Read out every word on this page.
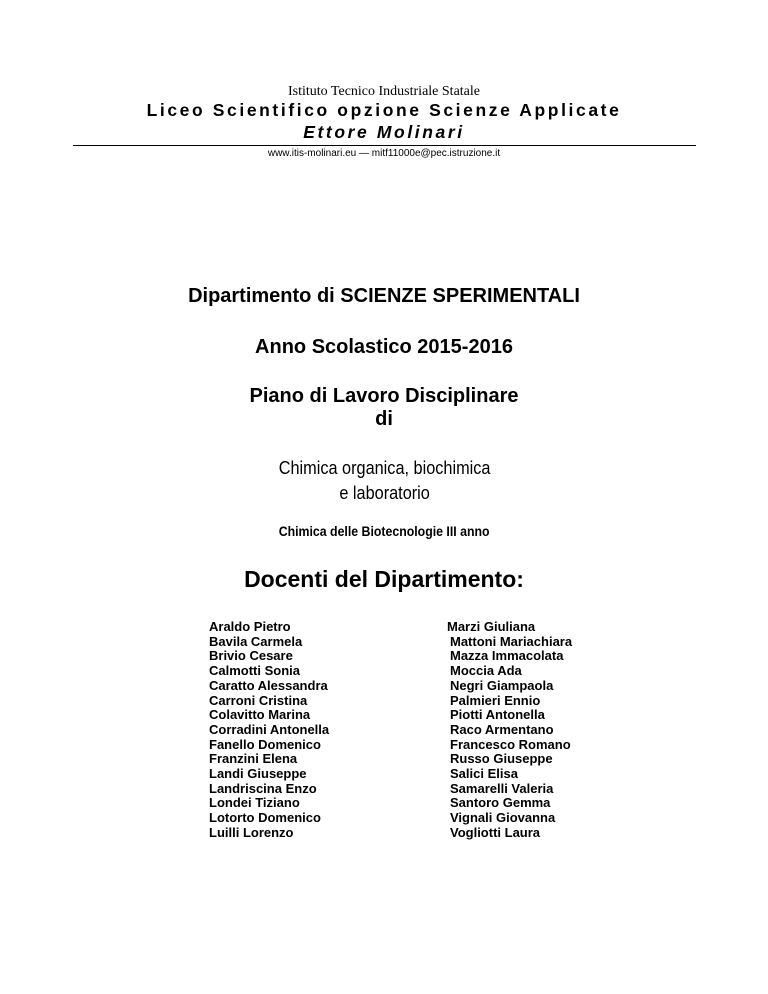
Istituto Tecnico Industriale Statale

Liceo Scientifico opzione Scienze Applicate

Ettore Molinari

www.itis-molinari.eu — mitf11000e@pec.istruzione.it

Dipartimento di SCIENZE SPERIMENTALI

Anno Scolastico 2015-2016

Piano di Lavoro Disciplinare
di
Chimica organica, biochimica
e laboratorio

Chimica delle Biotecnologie III anno

Docenti del Dipartimento:

Araldo Pietro
Bavila Carmela
Brivio Cesare
Calmotti Sonia
Caratto Alessandra
Carroni Cristina
Colavitto Marina
Corradini Antonella
Fanello Domenico
Franzini Elena
Landi Giuseppe
Landriscina Enzo
Londei Tiziano
Lotorto Domenico
Luilli Lorenzo
Marzi Giuliana
Mattoni Mariachiara
Mazza Immacolata
Moccia Ada
Negri Giampaola
Palmieri Ennio
Piotti Antonella
Raco Armentano
Francesco Romano
Russo Giuseppe
Salici Elisa
Samarelli Valeria
Santoro Gemma
Vignali Giovanna
Vogliotti Laura
